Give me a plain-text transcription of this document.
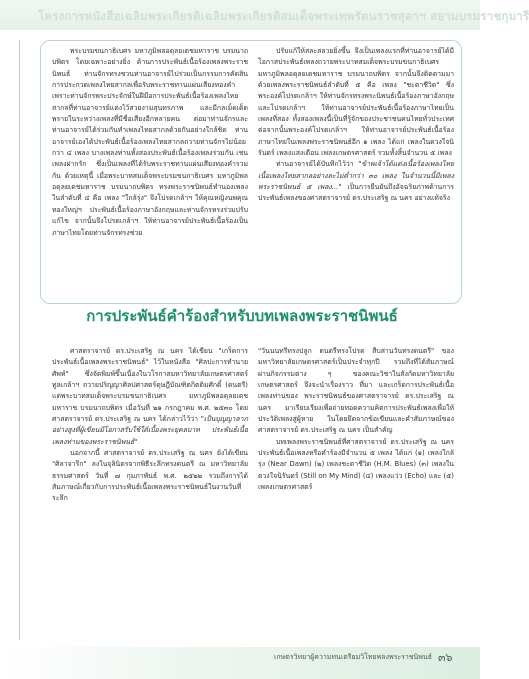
โครงการหนังสือเฉลิมพระเกียรติเฉลิมพระเกียรติสมเด็จพระเทพรัตนราชสุดาฯ สยามบรมราชกุมารี

พระบรมขนกาธิเบศร มหาภูมิพลอดุลยเดชมหาราช บรมนาถบพิตร โดยเฉพาะอย่างยิ่ง ด้านการประพันธ์เนื้อร้องเพลงพระราชนิพนธ์ ท่านจักรทรงชวนท่านอาจารย์ไปร่วมเป็นกรรมการคัดสินการประกวดเพลงไทยสากลเพื่อรับพระราชทานแผ่นเสียงทองคำ เพราะท่านจักรพระประจักษ์ในฝีมือการประพันธ์เนื้อร้องเพลงไทยสากลที่ท่านอาจารย์แต่งไว้สวยงามสุนทรภาพ และมีกลเม็ดเด็ดพรายในระหว่างเพลงที่มีชื่อเสียงอีกหลายคน ต่อมาท่านจักรและท่านอาจารย์ได้ร่วมกันทำเพลงไทยสากลด้วยกันอย่างใกล้ชิด ท่านอาจารย์เองได้ประพันธ์เนื้อร้องเพลงไทยสากลถวายท่านจักรไม่น้อยกว่า ๔ เพลง บางเพลงท่านทั้งสองประพันธ์เนื้อร้องเพลงร่วมกัน เช่น เพลงฝากรัก ซึ่งเป็นเพลงที่ได้รับพระราชทานแผ่นเสียงทองคำรวมกัน ด้วยเหตุนี้ เมื่อพระบาทสมเด็จพระบรมขนกาธิเบศร มหาภูมิพลอดุลยเดชมหาราช บรมนาถบพิตร ทรงพระราชนิพนธ์ทำนองเพลงในลำดับที่ ๔ คือ เพลง "ใกล้รุ่ง" จึงโปรดเกล้าฯ ให้คุณหญิงนพคุณ ทองใหญ่ฯ ประพันธ์เนื้อร้องภาษาอังกฤษและท่านจักรทรงร่วมปรับแก้ไข จากนั้นจึงโปรดเกล้าฯ ให้ท่านอาจารย์ประพันธ์เนื้อร้องเป็นภาษาไทยโดยท่านจักรทรงช่วย

ปรับแก้ให้สละสลวยยิ่งขึ้น จึงเป็นเพลงแรกที่ท่านอาจารย์ได้มีโอกาสประพันธ์เพลงถวายพระบาทสมเด็จพระบรมขนกาธิเบศร มหาภูมิพลอดุลยเดชมหาราช บรมนาถบพิตร จากนั้นจึงติดตามมาด้วยเพลงพระราชนิพนธ์ลำดับที่ ๕ คือ เพลง "ชะตาชีวิต" ซึ่งพระองค์โปรดเกล้าฯ ให้ท่านจักรทรงพระนิพนธ์เนื้อร้องภาษาอังกฤษ และโปรดเกล้าฯ ให้ท่านอาจารย์ประพันธ์เนื้อร้องภาษาไทยเป็นเพลงที่สอง ทั้งสองเพลงนี้เป็นที่รู้จักของประชาชนคนไทยทั่วประเทศ ต่อจากนั้นพระองค์โปรดเกล้าฯ ให้ท่านอาจารย์ประพันธ์เนื้อร้องภาษาไทยในเพลงพระราชนิพนธ์อีก ๑ เพลง ได้แก่ เพลงในดวงใจนิรันดร์ เพลงแสงเดือน เพลงเกษตรศาสตร์ รวมทั้งสิ้นจำนวน ๕ เพลง

ท่านอาจารย์ได้บันทึกไว้ว่า "ข้าพเจ้าได้แต่งเนื้อร้องเพลงไทยเนื้อเพลงไทยสากลอย่างละไม่ต่ำกว่า ๓๐ เพลง ในจำนวนนี้มีเพลงพระราชนิพนธ์ ๕ เพลง..." เป็นการยืนยันถึงอัจฉริยภาพด้านการประพันธ์เพลงของศาสตราจารย์ ดร.ประเสริฐ ณ นคร อย่างแท้จริง

การประพันธ์คำร้องสำหรับบทเพลงพระราชนิพนธ์

ศาสตราจารย์ ดร.ประเสริฐ ณ นคร ได้เขียน "เกร็ดการประพันธ์เนื้อเพลงพระราชนิพนธ์" ไว้ในหนังสือ "ศิลปะการทำนายศัพท์" ซึ่งจัดพิมพ์ขึ้นเนื่องในวโรกาสมหาวิทยาลัยเกษตรศาสตร์ทูลเกล้าฯ ถวายปริญญาศิลปศาสตร์ดุษฎีบัณฑิตกิตติมศักดิ์ (ดนตรี) แด่พระบาทสมเด็จพระบรมขนกาธิเบศร มหาภูมิพลอดุลยเดชมหาราช บรมนาถบพิตร เมื่อวันที่ ๒๑ กรกฎาคม พ.ศ. ๒๕๓๐ โดยศาสตราจารย์ ดร.ประเสริฐ ณ นคร ได้กล่าวไว้ว่า "เป็นบุญญาลาภอย่างสูงที่ผู้เขียนมีโอกาสรับใช้ใต้เบื้องพระยุคลบาท ประพันธ์เนื้อเพลงท่านของพระราชนิพนธ์"

นอกจากนี้ ศาสตราจารย์ ดร.ประเสริฐ ณ นคร ยังได้เขียน "ศิลาจารึก" ลงในจุลินิตรจากพิธีระลึกทรงดนตรี ณ มหาวิทยาลัยธรรมศาสตร์ วันที่ ๗ กุมภาพันธ์ พ.ศ. ๒๕๒๒ รวมถึงการได้สัมภาษณ์เกี่ยวกับการประพันธ์เนื้อเพลงพระราชนิพนธ์ในงานวันที่ระลึก

"วันนนทรีทรงปลูก ตนตรีทรงโปรด สืบสานวันทรงดนตรี" ของมหาวิทยาลัยเกษตรศาสตร์เป็นประจำทุกปี รวมถึงที่ได้สัมภาษณ์ผ่านกิจกรรมต่าง ๆ ของคณะวิชาในสังกัดมหาวิทยาลัยเกษตรศาสตร์ จึงจะนำเรื่องราว ที่มา และเกร็ดการประพันธ์เนื้อเพลงท่านของ พระราชนิพนธ์ของศาสตราจารย์ ดร.ประเสริฐ ณ นคร มาเรียบเรียงเพื่อถ่ายทอดความคิดการประพันธ์เพลงเพื่อให้ประวัติเพลงสู่ผู้หาย ในโดยยึดจากข้อเขียนและคำสัมภาษณ์ของศาสตราจารย์ ดร.ประเสริฐ ณ นคร เป็นสำคัญ

บทเพลงพระราชนิพนธ์ที่ศาสตราจารย์ ดร.ประเสริฐ ณ นคร ประพันธ์เนื้อเพลงหรือคำร้องมีจำนวน ๕ เพลง ได้แก่ (๑) เพลงใกล้รุ่ง (Near Dawn) (๒) เพลงชะตาชีวิต (H.M. Blues) (๓) เพลงในดวงใจนิรันดร์ (Still on My Mind) (๔) เพลงแว่ว (Echo) และ (๕) เพลงเกษตรศาสตร์

เกษตรวิทยาผู้ความทนเตรียมวิโทยพลงพระราชนิพนธ์ ๓๖
